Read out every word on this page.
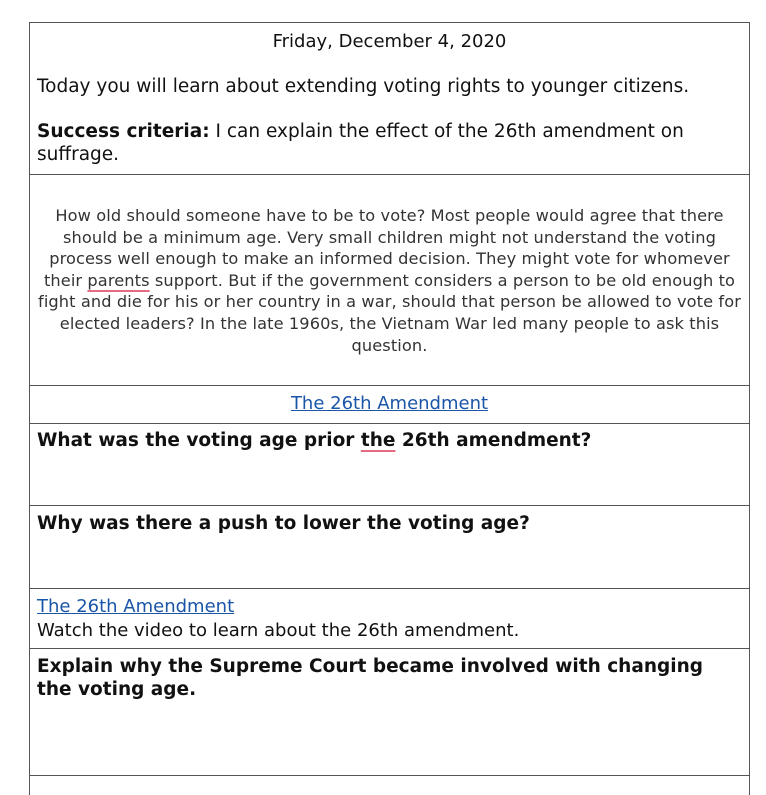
Friday, December 4, 2020
Today you will learn about extending voting rights to younger citizens.
Success criteria: I can explain the effect of the 26th amendment on suffrage.
How old should someone have to be to vote? Most people would agree that there should be a minimum age. Very small children might not understand the voting process well enough to make an informed decision. They might vote for whomever their parents support. But if the government considers a person to be old enough to fight and die for his or her country in a war, should that person be allowed to vote for elected leaders? In the late 1960s, the Vietnam War led many people to ask this question.
The 26th Amendment
What was the voting age prior the 26th amendment?
Why was there a push to lower the voting age?
The 26th Amendment
Watch the video to learn about the 26th amendment.
Explain why the Supreme Court became involved with changing the voting age.
